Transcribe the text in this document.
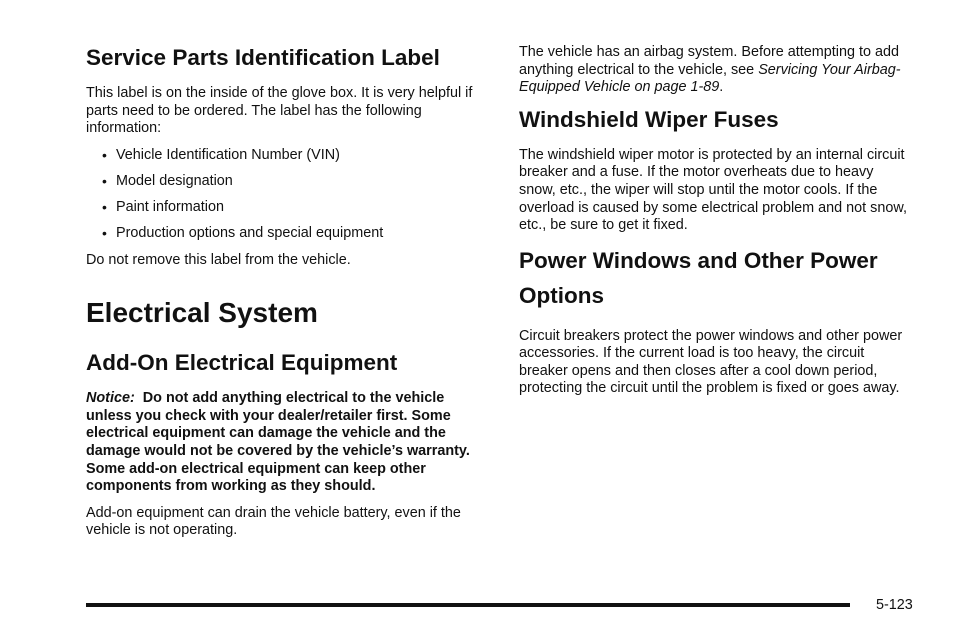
Service Parts Identification Label

This label is on the inside of the glove box. It is very helpful if parts need to be ordered. The label has the following information:

• Vehicle Identification Number (VIN)
• Model designation
• Paint information
• Production options and special equipment

Do not remove this label from the vehicle.

Electrical System
Add-On Electrical Equipment

Notice: Do not add anything electrical to the vehicle unless you check with your dealer/retailer first. Some electrical equipment can damage the vehicle and the damage would not be covered by the vehicle’s warranty. Some add-on electrical equipment can keep other components from working as they should.

Add-on equipment can drain the vehicle battery, even if the vehicle is not operating.

The vehicle has an airbag system. Before attempting to add anything electrical to the vehicle, see Servicing Your Airbag-Equipped Vehicle on page 1-89.

Windshield Wiper Fuses

The windshield wiper motor is protected by an internal circuit breaker and a fuse. If the motor overheats due to heavy snow, etc., the wiper will stop until the motor cools. If the overload is caused by some electrical problem and not snow, etc., be sure to get it fixed.

Power Windows and Other Power Options

Circuit breakers protect the power windows and other power accessories. If the current load is too heavy, the circuit breaker opens and then closes after a cool down period, protecting the circuit until the problem is fixed or goes away.

5-123
